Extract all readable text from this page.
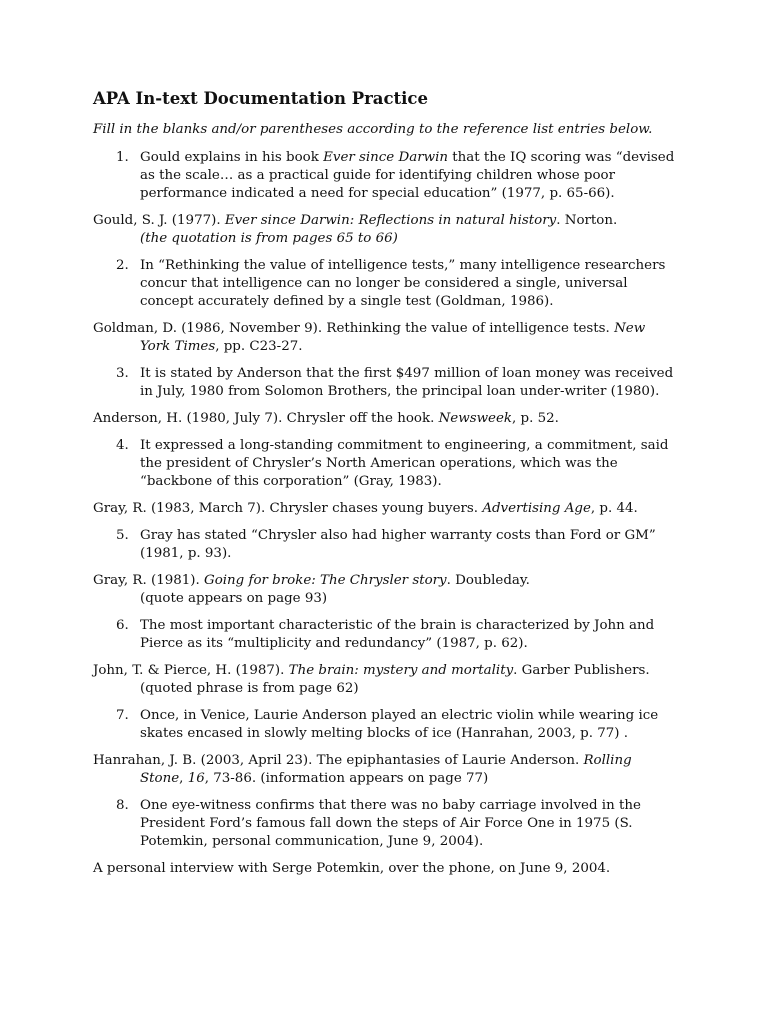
APA In-text Documentation Practice

Fill in the blanks and/or parentheses according to the reference list entries below.

1. Gould explains in his book Ever since Darwin that the IQ scoring was “devised as the scale… as a practical guide for identifying children whose poor performance indicated a need for special education” (1977, p. 65-66).
Gould, S. J. (1977). Ever since Darwin: Reflections in natural history. Norton.
(the quotation is from pages 65 to 66)
2. In “Rethinking the value of intelligence tests,” many intelligence researchers concur that intelligence can no longer be considered a single, universal concept accurately defined by a single test (Goldman, 1986).
Goldman, D. (1986, November 9). Rethinking the value of intelligence tests. New York Times, pp. C23-27.
3. It is stated by Anderson that the first $497 million of loan money was received in July, 1980 from Solomon Brothers, the principal loan under-writer (1980).
Anderson, H. (1980, July 7). Chrysler off the hook. Newsweek, p. 52.
4. It expressed a long-standing commitment to engineering, a commitment, said the president of Chrysler’s North American operations, which was the “backbone of this corporation” (Gray, 1983).
Gray, R. (1983, March 7). Chrysler chases young buyers. Advertising Age, p. 44.
5. Gray has stated “Chrysler also had higher warranty costs than Ford or GM” (1981, p. 93).
Gray, R. (1981). Going for broke: The Chrysler story. Doubleday.
(quote appears on page 93)
6. The most important characteristic of the brain is characterized by John and Pierce as its “multiplicity and redundancy” (1987, p. 62).
John, T. & Pierce, H. (1987). The brain: mystery and mortality. Garber Publishers.
(quoted phrase is from page 62)
7. Once, in Venice, Laurie Anderson played an electric violin while wearing ice skates encased in slowly melting blocks of ice (Hanrahan, 2003, p. 77) .
Hanrahan, J. B. (2003, April 23). The epiphantasies of Laurie Anderson. Rolling Stone, 16, 73-86. (information appears on page 77)
8. One eye-witness confirms that there was no baby carriage involved in the President Ford’s famous fall down the steps of Air Force One in 1975 (S. Potemkin, personal communication, June 9, 2004).

A personal interview with Serge Potemkin, over the phone, on June 9, 2004.
